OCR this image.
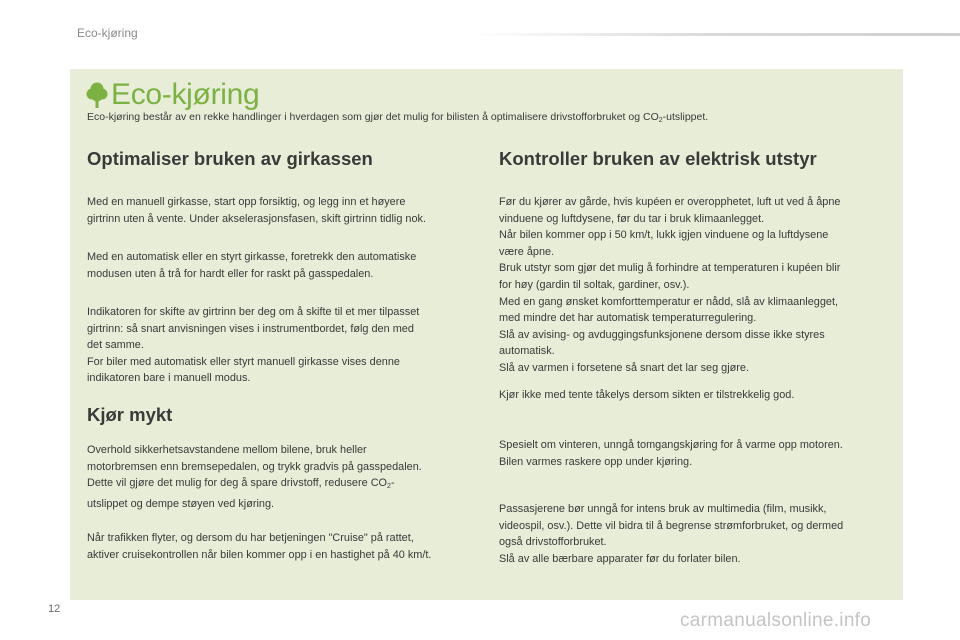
Eco-kjøring
Eco-kjøring
Eco-kjøring består av en rekke handlinger i hverdagen som gjør det mulig for bilisten å optimalisere drivstofforbruket og $CO_2$-utslippet.
Optimaliser bruken av girkassen

Med en manuell girkasse, start opp forsiktig, og legg inn et høyere
girtrinn uten å vente. Under akselerasjonsfasen, skift girtrinn tidlig nok.

Med en automatisk eller en styrt girkasse, foretrekk den automatiske
modusen uten å trå for hardt eller for raskt på gasspedalen.

Indikatoren for skifte av girtrinn ber deg om å skifte til et mer tilpasset
girtrinn: så snart anvisningen vises i instrumentbordet, følg den med
det samme.
For biler med automatisk eller styrt manuell girkasse vises denne
indikatoren bare i manuell modus.

Kjør mykt

Overhold sikkerhetsavstandene mellom bilene, bruk heller
motorbremsen enn bremsepedalen, og trykk gradvis på gasspedalen.
Dette vil gjøre det mulig for deg å spare drivstoff, redusere $CO_2-$
utslippet og dempe støyen ved kjøring.

Når trafikken flyter, og dersom du har betjeningen "Cruise" på rattet,
aktiver cruisekontrollen når bilen kommer opp i en hastighet på 40 km/t.

Kontroller bruken av elektrisk utstyr

Før du kjører av gårde, hvis kupéen er overopphetet, luft ut ved å åpne
vinduene og luftdysene, før du tar i bruk klimaanlegget.
Når bilen kommer opp i 50 km/t, lukk igjen vinduene og la luftdysene
være åpne.
Bruk utstyr som gjør det mulig å forhindre at temperaturen i kupéen blir
for høy (gardin til soltak, gardiner, osv.).
Med en gang ønsket komforttemperatur er nådd, slå av klimaanlegget,
med mindre det har automatisk temperaturregulering.
Slå av avising- og avduggingsfunksjonene dersom disse ikke styres
automatisk.
Slå av varmen i forsetene så snart det lar seg gjøre.

Kjør ikke med tente tåkelys dersom sikten er tilstrekkelig god.

Spesielt om vinteren, unngå tomgangskjøring for å varme opp motoren.
Bilen varmes raskere opp under kjøring.

Passasjerene bør unngå for intens bruk av multimedia (film, musikk,
videospil, osv.). Dette vil bidra til å begrense strømforbruket, og dermed
også drivstofforbruket.
Slå av alle bærbare apparater før du forlater bilen.

12
carmanualsonline.info
